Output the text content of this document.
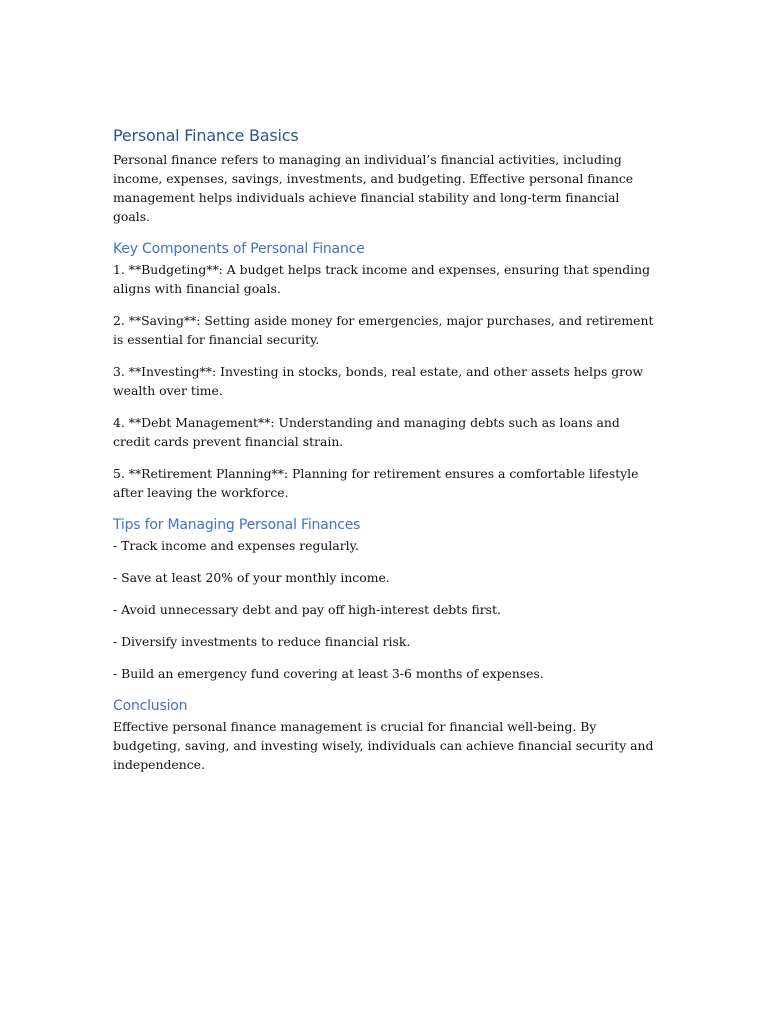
Personal Finance Basics

Personal finance refers to managing an individual’s financial activities, including income, expenses, savings, investments, and budgeting. Effective personal finance management helps individuals achieve financial stability and long-term financial goals.

Key Components of Personal Finance

1. **Budgeting**: A budget helps track income and expenses, ensuring that spending aligns with financial goals.

2. **Saving**: Setting aside money for emergencies, major purchases, and retirement is essential for financial security.

3. **Investing**: Investing in stocks, bonds, real estate, and other assets helps grow wealth over time.

4. **Debt Management**: Understanding and managing debts such as loans and credit cards prevent financial strain.

5. **Retirement Planning**: Planning for retirement ensures a comfortable lifestyle after leaving the workforce.

Tips for Managing Personal Finances

- Track income and expenses regularly.

- Save at least 20% of your monthly income.

- Avoid unnecessary debt and pay off high-interest debts first.

- Diversify investments to reduce financial risk.

- Build an emergency fund covering at least 3-6 months of expenses.

Conclusion

Effective personal finance management is crucial for financial well-being. By budgeting, saving, and investing wisely, individuals can achieve financial security and independence.
